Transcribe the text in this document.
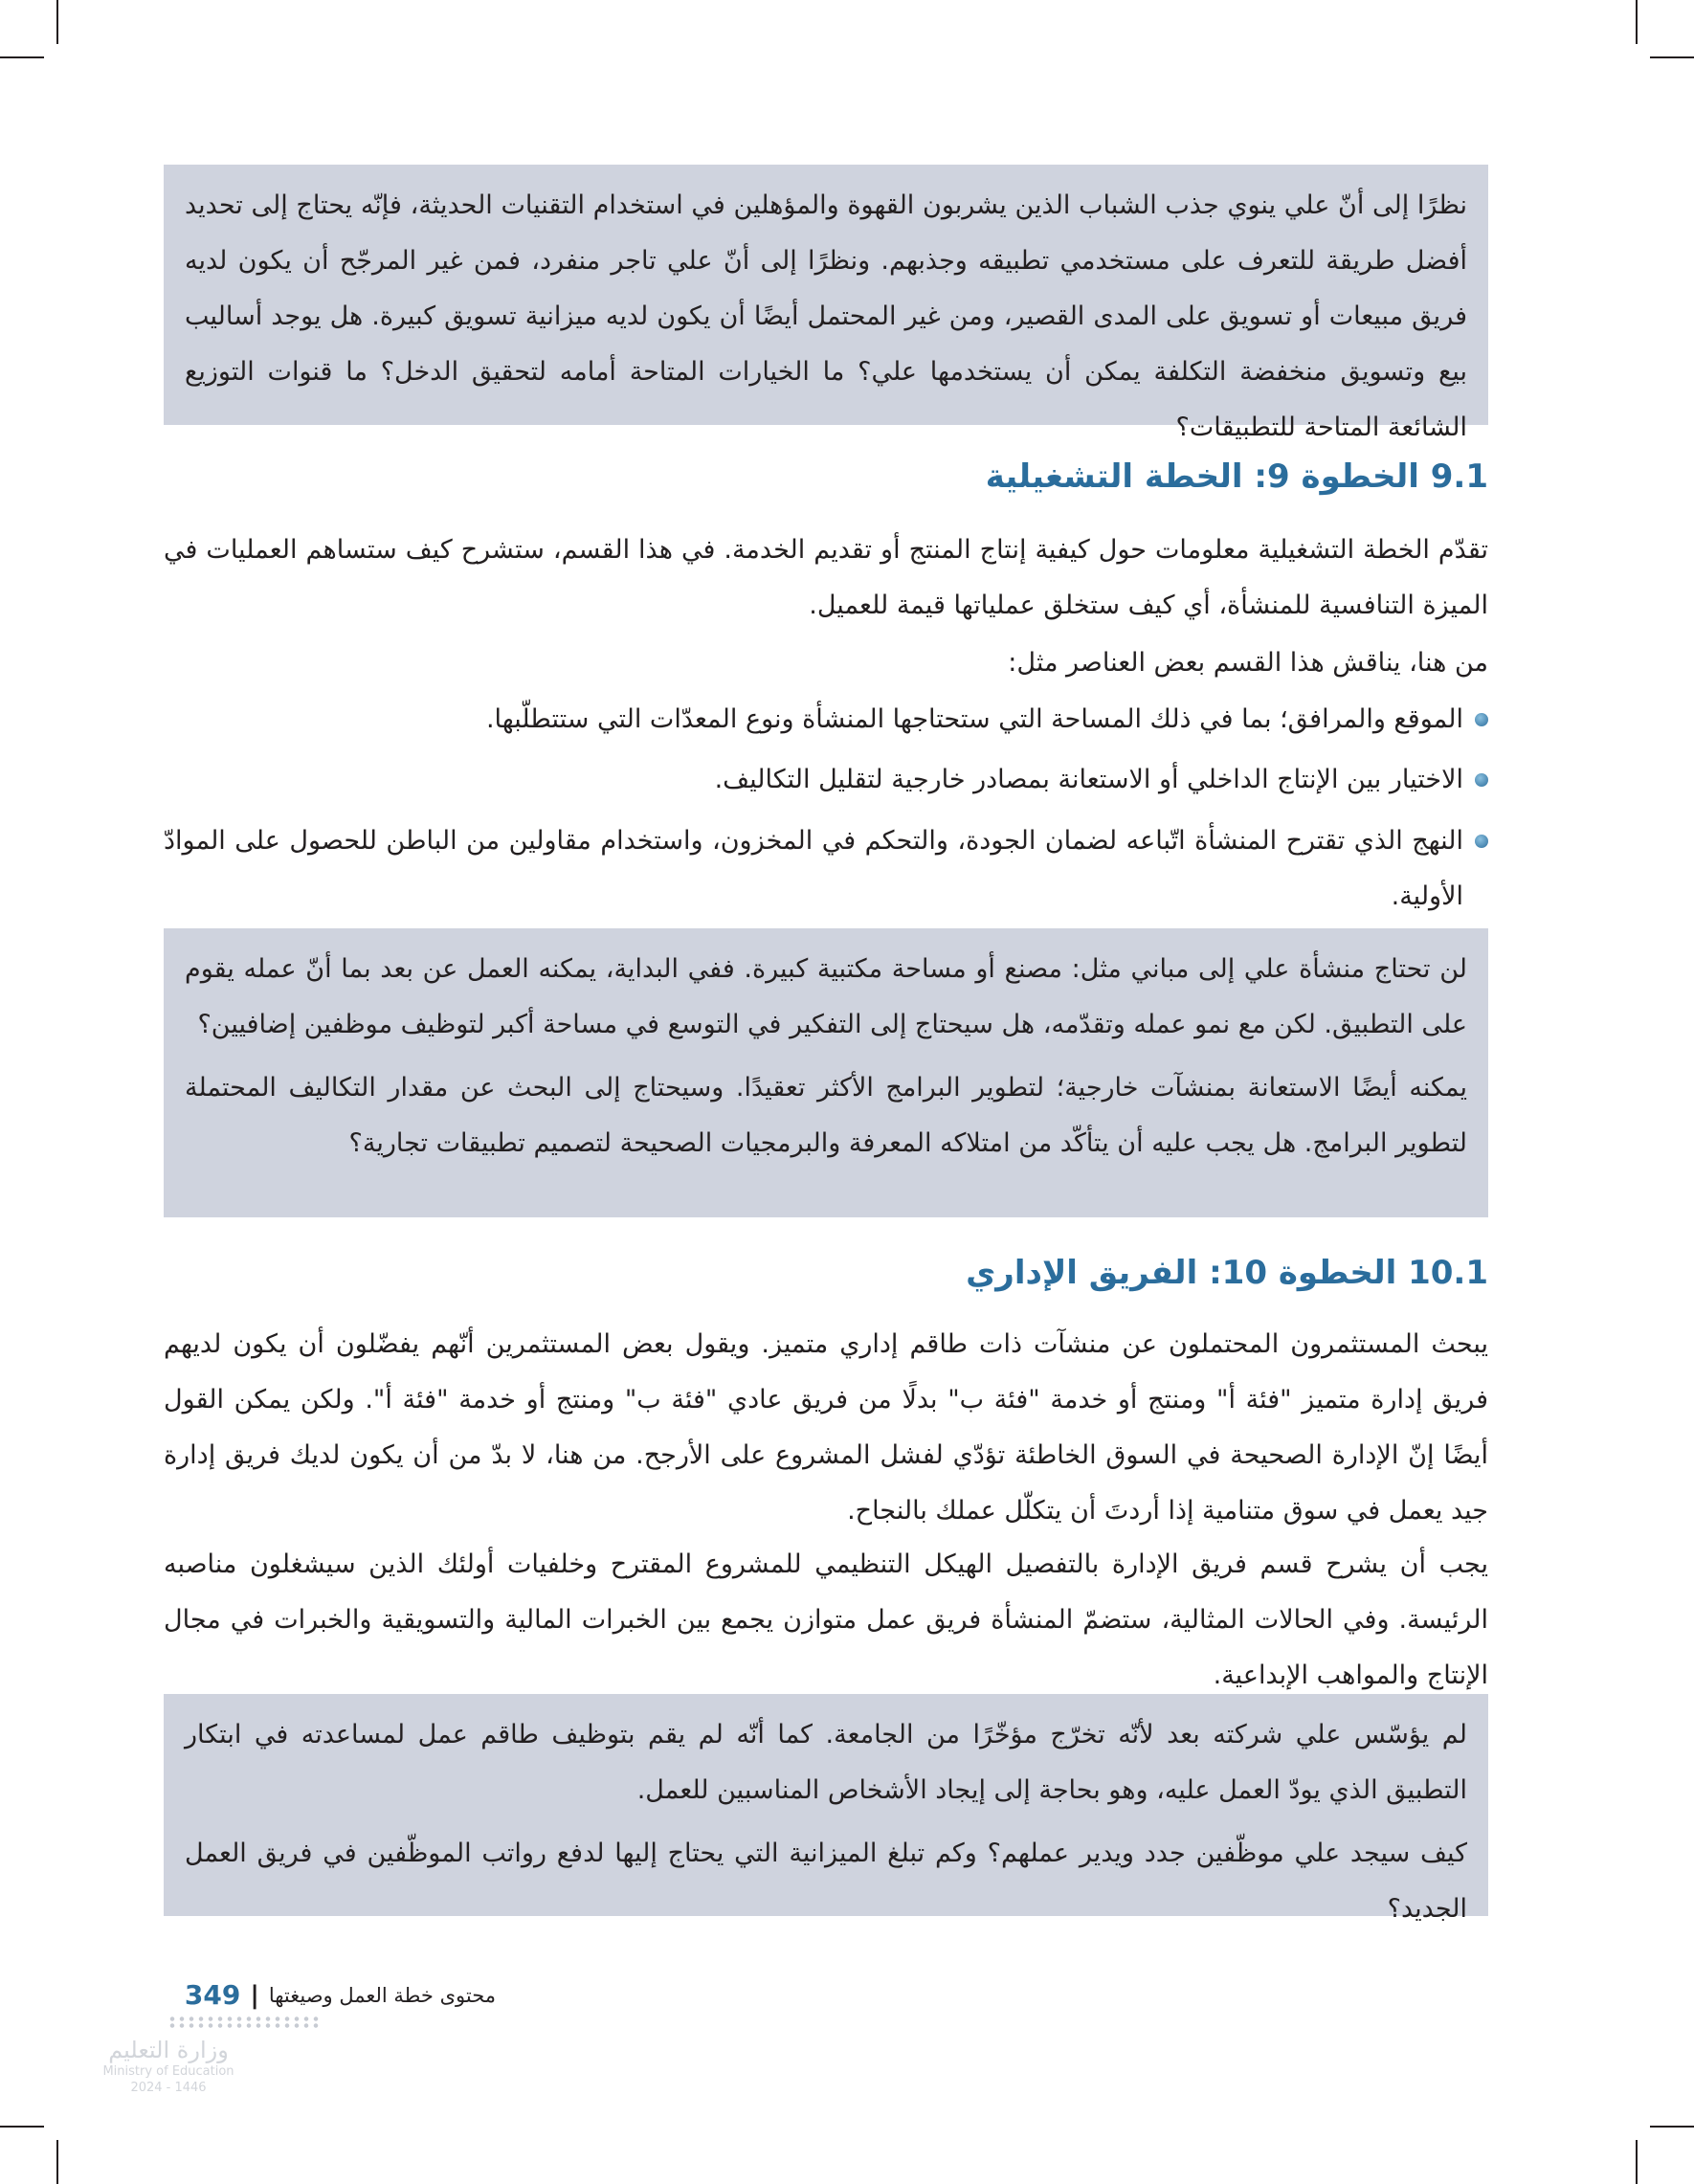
نظرًا إلى أنّ علي ينوي جذب الشباب الذين يشربون القهوة والمؤهلين في استخدام التقنيات الحديثة، فإنّه يحتاج إلى تحديد أفضل طريقة للتعرف على مستخدمي تطبيقه وجذبهم. ونظرًا إلى أنّ علي تاجر منفرد، فمن غير المرجّح أن يكون لديه فريق مبيعات أو تسويق على المدى القصير، ومن غير المحتمل أيضًا أن يكون لديه ميزانية تسويق كبيرة. هل يوجد أساليب بيع وتسويق منخفضة التكلفة يمكن أن يستخدمها علي؟ ما الخيارات المتاحة أمامه لتحقيق الدخل؟ ما قنوات التوزيع الشائعة المتاحة للتطبيقات؟

9.1 الخطوة 9: الخطة التشغيلية

تقدّم الخطة التشغيلية معلومات حول كيفية إنتاج المنتج أو تقديم الخدمة. في هذا القسم، ستشرح كيف ستساهم العمليات في الميزة التنافسية للمنشأة، أي كيف ستخلق عملياتها قيمة للعميل.

من هنا، يناقش هذا القسم بعض العناصر مثل:

الموقع والمرافق؛ بما في ذلك المساحة التي ستحتاجها المنشأة ونوع المعدّات التي ستتطلّبها.
الاختيار بين الإنتاج الداخلي أو الاستعانة بمصادر خارجية لتقليل التكاليف.
النهج الذي تقترح المنشأة اتّباعه لضمان الجودة، والتحكم في المخزون، واستخدام مقاولين من الباطن للحصول على الموادّ الأولية.

لن تحتاج منشأة علي إلى مباني مثل: مصنع أو مساحة مكتبية كبيرة. ففي البداية، يمكنه العمل عن بعد بما أنّ عمله يقوم على التطبيق. لكن مع نمو عمله وتقدّمه، هل سيحتاج إلى التفكير في التوسع في مساحة أكبر لتوظيف موظفين إضافيين؟

يمكنه أيضًا الاستعانة بمنشآت خارجية؛ لتطوير البرامج الأكثر تعقيدًا. وسيحتاج إلى البحث عن مقدار التكاليف المحتملة لتطوير البرامج. هل يجب عليه أن يتأكّد من امتلاكه المعرفة والبرمجيات الصحيحة لتصميم تطبيقات تجارية؟

10.1 الخطوة 10: الفريق الإداري

يبحث المستثمرون المحتملون عن منشآت ذات طاقم إداري متميز. ويقول بعض المستثمرين أنّهم يفضّلون أن يكون لديهم فريق إدارة متميز "فئة أ" ومنتج أو خدمة "فئة ب" بدلًا من فريق عادي "فئة ب" ومنتج أو خدمة "فئة أ". ولكن يمكن القول أيضًا إنّ الإدارة الصحيحة في السوق الخاطئة تؤدّي لفشل المشروع على الأرجح. من هنا، لا بدّ من أن يكون لديك فريق إدارة جيد يعمل في سوق متنامية إذا أردتَ أن يتكلّل عملك بالنجاح.

يجب أن يشرح قسم فريق الإدارة بالتفصيل الهيكل التنظيمي للمشروع المقترح وخلفيات أولئك الذين سيشغلون مناصبه الرئيسة. وفي الحالات المثالية، ستضمّ المنشأة فريق عمل متوازن يجمع بين الخبرات المالية والتسويقية والخبرات في مجال الإنتاج والمواهب الإبداعية.

لم يؤسّس علي شركته بعد لأنّه تخرّج مؤخّرًا من الجامعة. كما أنّه لم يقم بتوظيف طاقم عمل لمساعدته في ابتكار التطبيق الذي يودّ العمل عليه، وهو بحاجة إلى إيجاد الأشخاص المناسبين للعمل.

كيف سيجد علي موظّفين جدد ويدير عملهم؟ وكم تبلغ الميزانية التي يحتاج إليها لدفع رواتب الموظّفين في فريق العمل الجديد؟

محتوى خطة العمل وصيغتها
|
349
وزارة التعليم
Ministry of Education
2024 - 1446
